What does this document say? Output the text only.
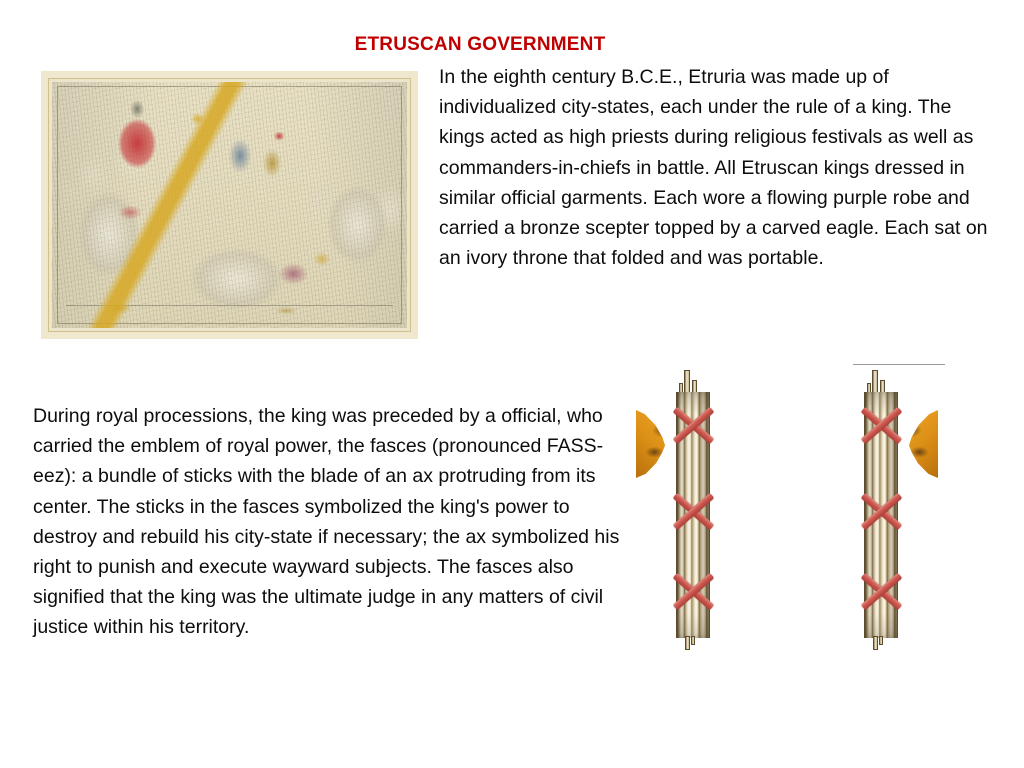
ETRUSCAN GOVERNMENT
In the eighth century B.C.E., Etruria was made up of individualized city-states, each under the rule of a king. The kings acted as high priests during religious festivals as well as commanders-in-chiefs in battle. All Etruscan kings dressed in similar official garments. Each wore a flowing purple robe and carried a bronze scepter topped by a carved eagle. Each sat on an ivory throne that folded and was portable.
During royal processions, the king was preceded by a official, who carried the emblem of royal power, the fasces (pronounced FASS-eez): a bundle of sticks with the blade of an ax protruding from its center. The sticks in the fasces symbolized the king's power to destroy and rebuild his city-state if necessary; the ax symbolized his right to punish and execute wayward subjects. The fasces also signified that the king was the ultimate judge in any matters of civil justice within his territory.
